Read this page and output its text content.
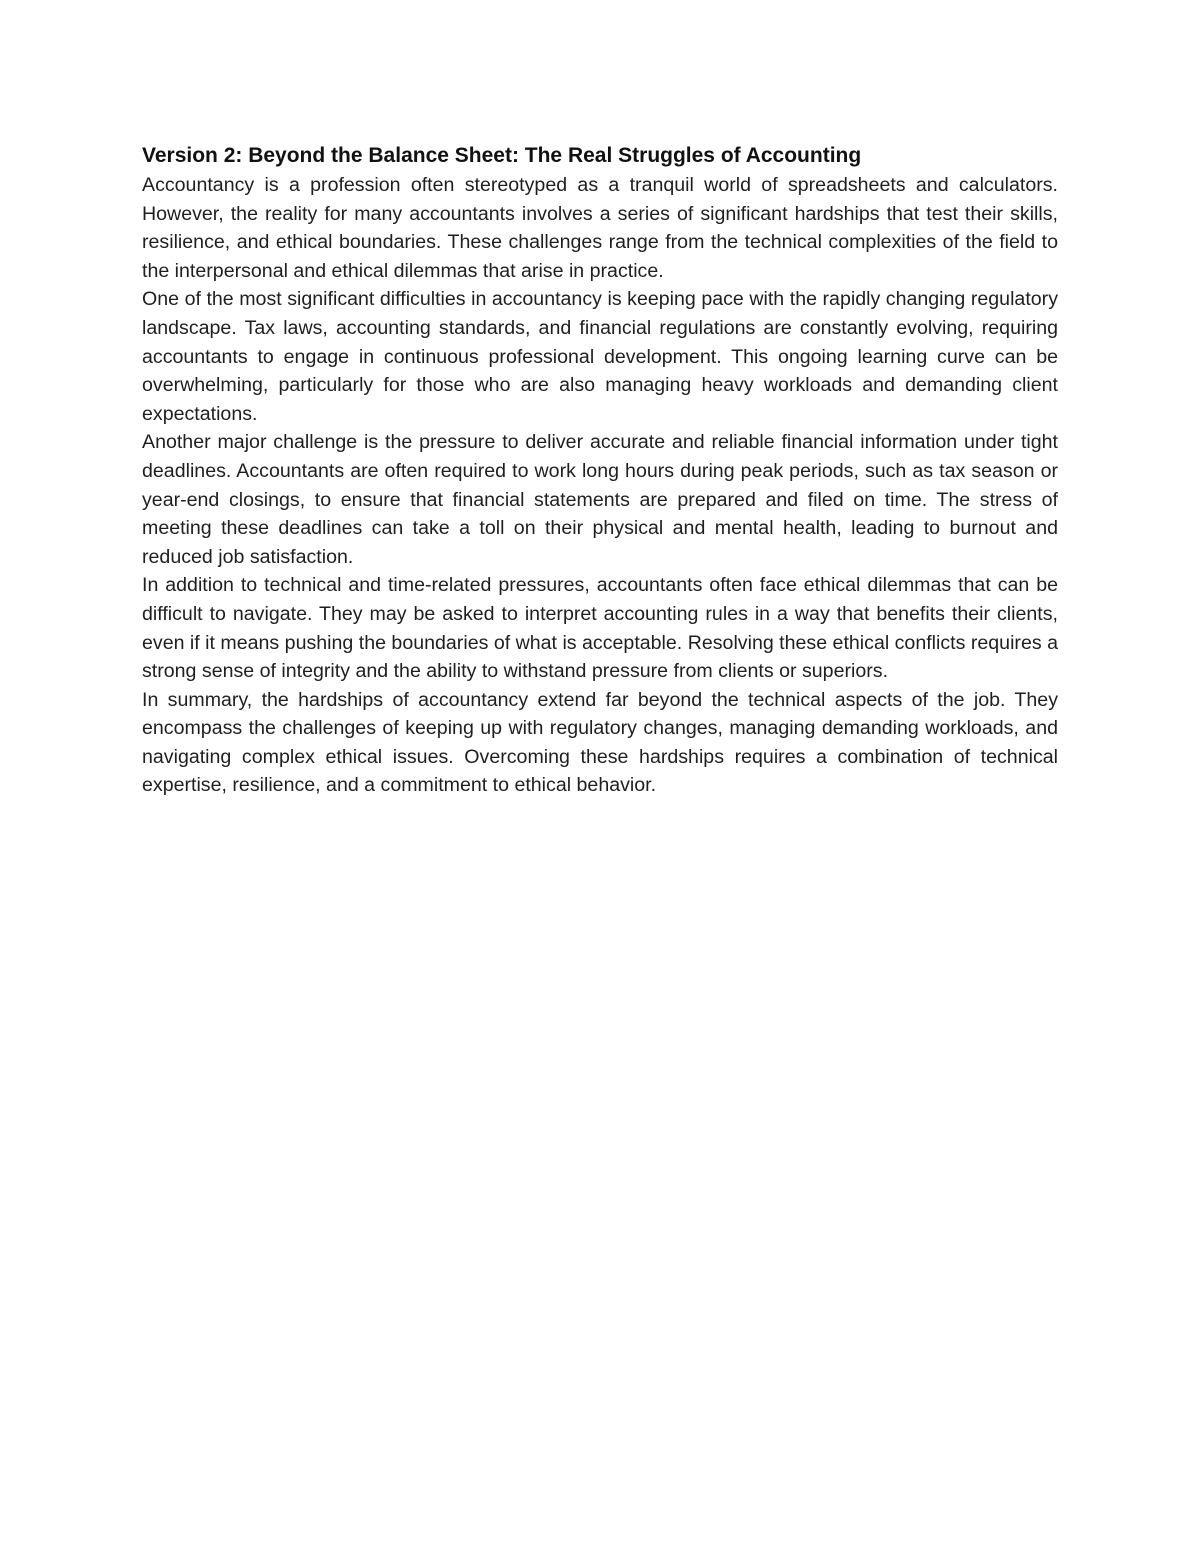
Version 2: Beyond the Balance Sheet: The Real Struggles of Accounting

Accountancy is a profession often stereotyped as a tranquil world of spreadsheets and calculators. However, the reality for many accountants involves a series of significant hardships that test their skills, resilience, and ethical boundaries. These challenges range from the technical complexities of the field to the interpersonal and ethical dilemmas that arise in practice.

One of the most significant difficulties in accountancy is keeping pace with the rapidly changing regulatory landscape. Tax laws, accounting standards, and financial regulations are constantly evolving, requiring accountants to engage in continuous professional development. This ongoing learning curve can be overwhelming, particularly for those who are also managing heavy workloads and demanding client expectations.

Another major challenge is the pressure to deliver accurate and reliable financial information under tight deadlines. Accountants are often required to work long hours during peak periods, such as tax season or year-end closings, to ensure that financial statements are prepared and filed on time. The stress of meeting these deadlines can take a toll on their physical and mental health, leading to burnout and reduced job satisfaction.

In addition to technical and time-related pressures, accountants often face ethical dilemmas that can be difficult to navigate. They may be asked to interpret accounting rules in a way that benefits their clients, even if it means pushing the boundaries of what is acceptable. Resolving these ethical conflicts requires a strong sense of integrity and the ability to withstand pressure from clients or superiors.

In summary, the hardships of accountancy extend far beyond the technical aspects of the job. They encompass the challenges of keeping up with regulatory changes, managing demanding workloads, and navigating complex ethical issues. Overcoming these hardships requires a combination of technical expertise, resilience, and a commitment to ethical behavior.
